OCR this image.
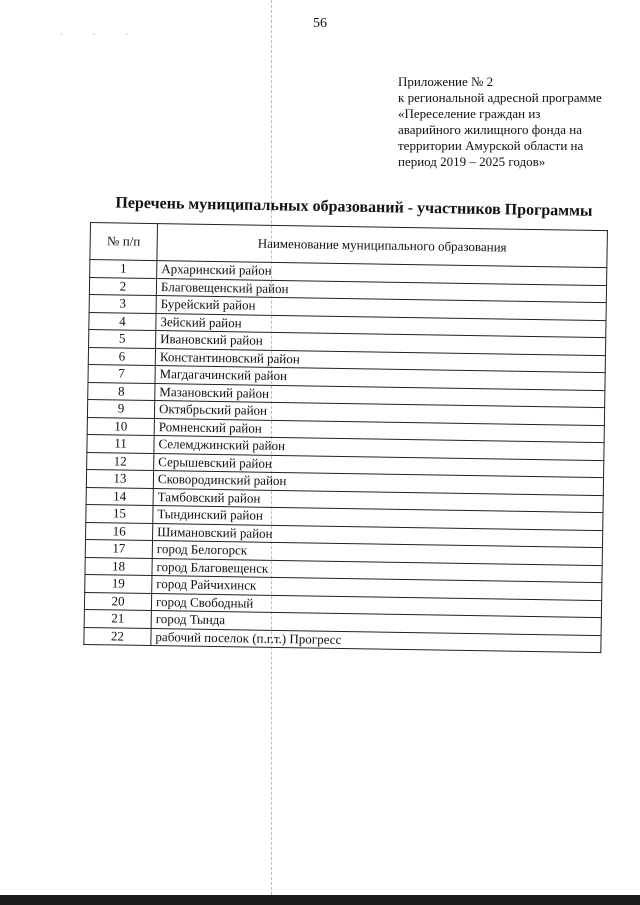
· · ·
56
Приложение № 2
к региональной адресной программе
«Переселение граждан из
аварийного жилищного фонда на
территории Амурской области на
период 2019 – 2025 годов»
Перечень муниципальных образований - участников Программы
№ п/п	Наименование муниципального образования
1	Архаринский район
2	Благовещенский район
3	Бурейский район
4	Зейский район
5	Ивановский район
6	Константиновский район
7	Магдагачинский район
8	Мазановский район
9	Октябрьский район
10	Ромненский район
11	Селемджинский район
12	Серышевский район
13	Сковородинский район
14	Тамбовский район
15	Тындинский район
16	Шимановский район
17	город Белогорск
18	город Благовещенск
19	город Райчихинск
20	город Свободный
21	город Тында
22	рабочий поселок (п.г.т.) Прогресс
